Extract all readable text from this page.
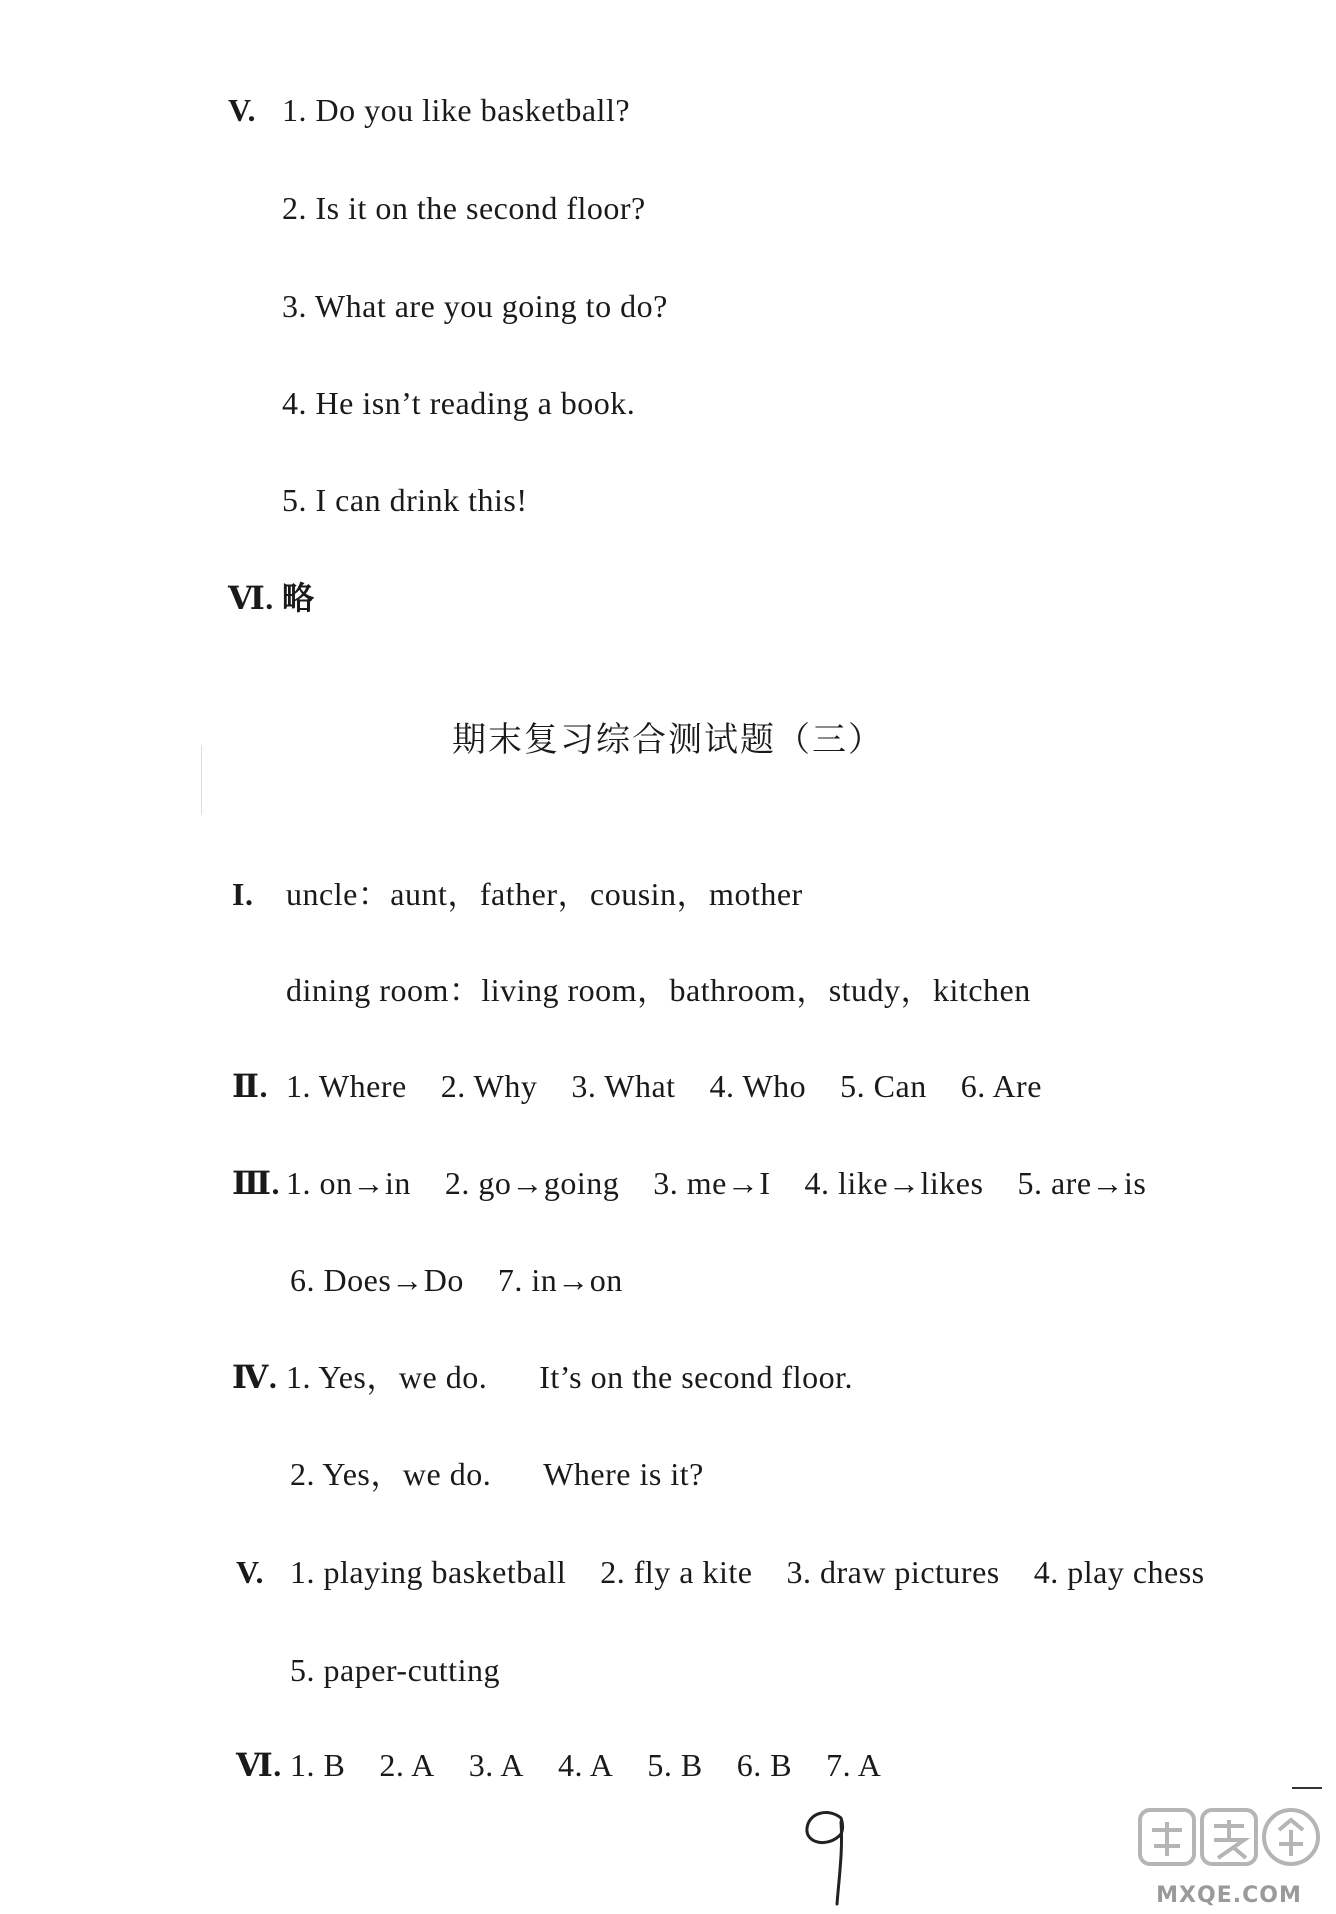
V. 1. Do you like basketball?
2. Is it on the second floor?
3. What are you going to do?
4. He isn’t reading a book.
5. I can drink this!
Ⅵ. 略
期末复习综合测试题（三）
I. uncle：aunt，father，cousin，mother
dining room：living room，bathroom，study，kitchen
Ⅱ. 1. Where 2. Why 3. What 4. Who 5. Can 6. Are
Ⅲ. 1. on→in 2. go→going 3. me→I 4. like→likes 5. are→is
6. Does→Do 7. in→on
Ⅳ. 1. Yes，we do. It’s on the second floor.
2. Yes，we do. Where is it?
V. 1. playing basketball 2. fly a kite 3. draw pictures 4. play chess
5. paper-cutting
Ⅵ. 1. B 2. A 3. A 4. A 5. B 6. B 7. A
MXQE.COM
